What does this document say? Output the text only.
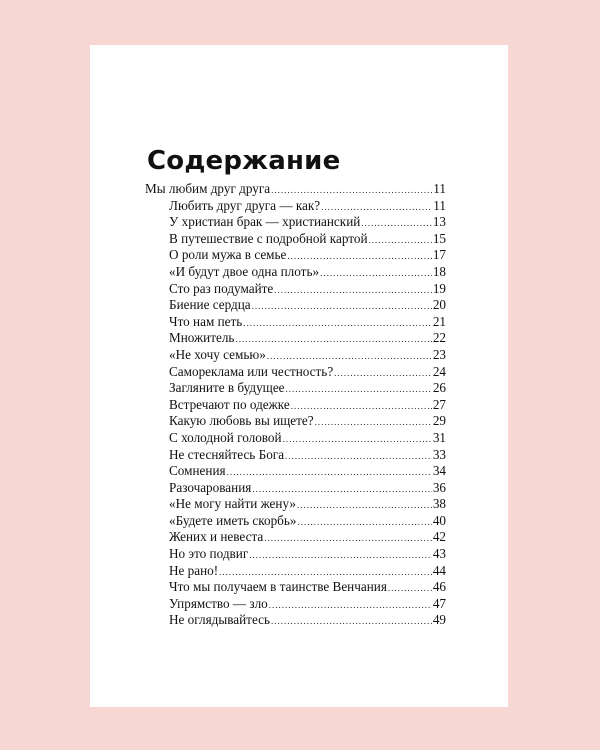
Содержание
Мы любим друг друга .....	11
Любить друг друга — как? .....	11
У христиан брак — христианский .....	13
В путешествие с подробной картой .....	15
О роли мужа в семье .....	17
«И будут двое одна плоть» .....	18
Сто раз подумайте .....	19
Биение сердца .....	20
Что нам петь .....	21
Множитель .....	22
«Не хочу семью» .....	23
Самореклама или честность? .....	24
Загляните в будущее .....	26
Встречают по одежке .....	27
Какую любовь вы ищете? .....	29
С холодной головой .....	31
Не стесняйтесь Бога .....	33
Сомнения .....	34
Разочарования .....	36
«Не могу найти жену» .....	38
«Будете иметь скорбь» .....	40
Жених и невеста .....	42
Но это подвиг .....	43
Не рано! .....	44
Что мы получаем в таинстве Венчания .....	46
Упрямство — зло .....	47
Не оглядывайтесь .....	49
